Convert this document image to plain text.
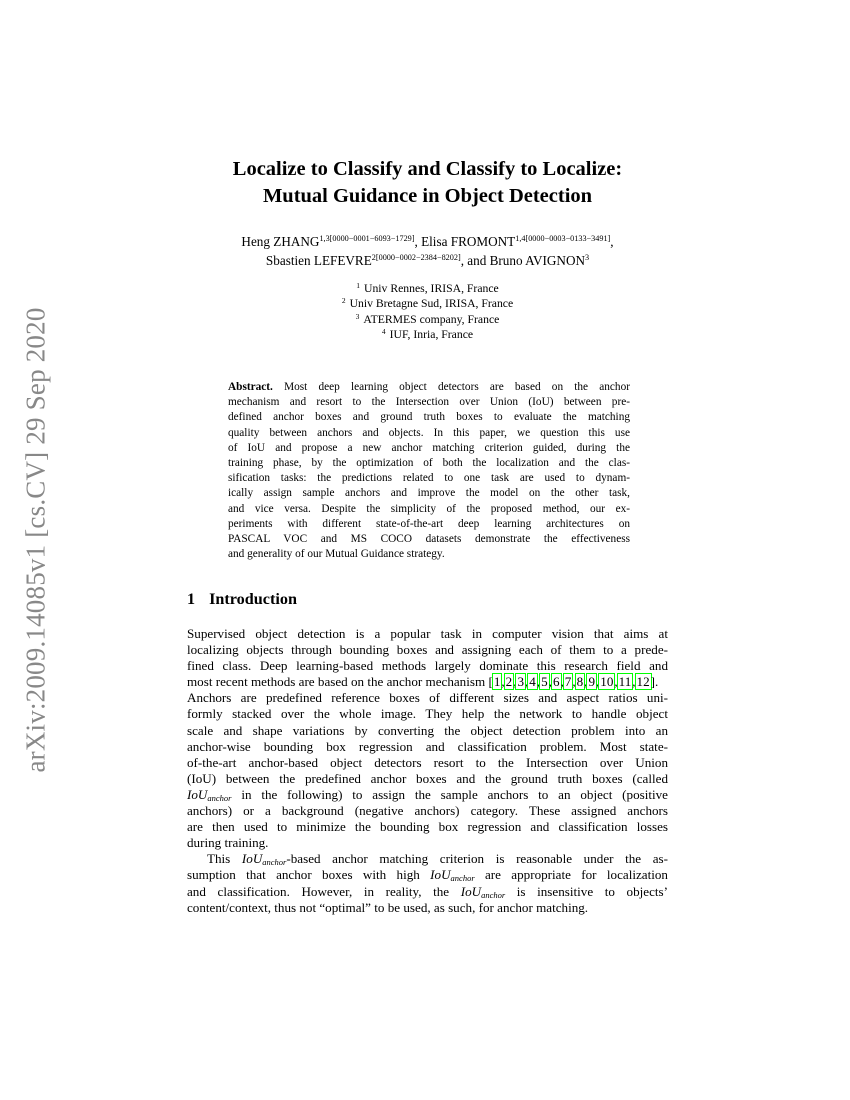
arXiv:2009.14085v1 [cs.CV] 29 Sep 2020
Localize to Classify and Classify to Localize:
Mutual Guidance in Object Detection
Heng $ZHANG^{1,3[0000-0001-6093-1729]}$, Elisa $FROMONT^{1,4[0000-0003-0133-3491]}$,
Sbastien $LEFEVRE^{2[0000-0002-2384-8202]}$, and Bruno AVIGNON$^3$
$^1$ Univ Rennes, IRISA, France
$^2$ Univ Bretagne Sud, IRISA, France
$^3$ ATERMES company, France
$^4$ IUF, Inria, France
Abstract. Most deep learning object detectors are based on the anchor
mechanism and resort to the Intersection over Union (IoU) between pre-
defined anchor boxes and ground truth boxes to evaluate the matching
quality between anchors and objects. In this paper, we question this use
of IoU and propose a new anchor matching criterion guided, during the
training phase, by the optimization of both the localization and the clas-
sification tasks: the predictions related to one task are used to dynam-
ically assign sample anchors and improve the model on the other task,
and vice versa. Despite the simplicity of the proposed method, our ex-
periments with different state-of-the-art deep learning architectures on
PASCAL VOC and MS COCO datasets demonstrate the effectiveness
and generality of our Mutual Guidance strategy.
1 Introduction
Supervised object detection is a popular task in computer vision that aims at
localizing objects through bounding boxes and assigning each of them to a prede-
fined class. Deep learning-based methods largely dominate this research field and
most recent methods are based on the anchor mechanism [1,2,3,4,5,6,7,8,9,10,11,12].
Anchors are predefined reference boxes of different sizes and aspect ratios uni-
formly stacked over the whole image. They help the network to handle object
scale and shape variations by converting the object detection problem into an
anchor-wise bounding box regression and classification problem. Most state-
of-the-art anchor-based object detectors resort to the Intersection over Union
(IoU) between the predefined anchor boxes and the ground truth boxes (called
IoU$_{anchor}$ in the following) to assign the sample anchors to an object (positive
anchors) or a background (negative anchors) category. These assigned anchors
are then used to minimize the bounding box regression and classification losses
during training.
This IoU$_{anchor}$-based anchor matching criterion is reasonable under the as-
sumption that anchor boxes with high IoU$_{anchor}$ are appropriate for localization
and classification. However, in reality, the IoU$_{anchor}$ is insensitive to objects’
content/context, thus not “optimal” to be used, as such, for anchor matching.
